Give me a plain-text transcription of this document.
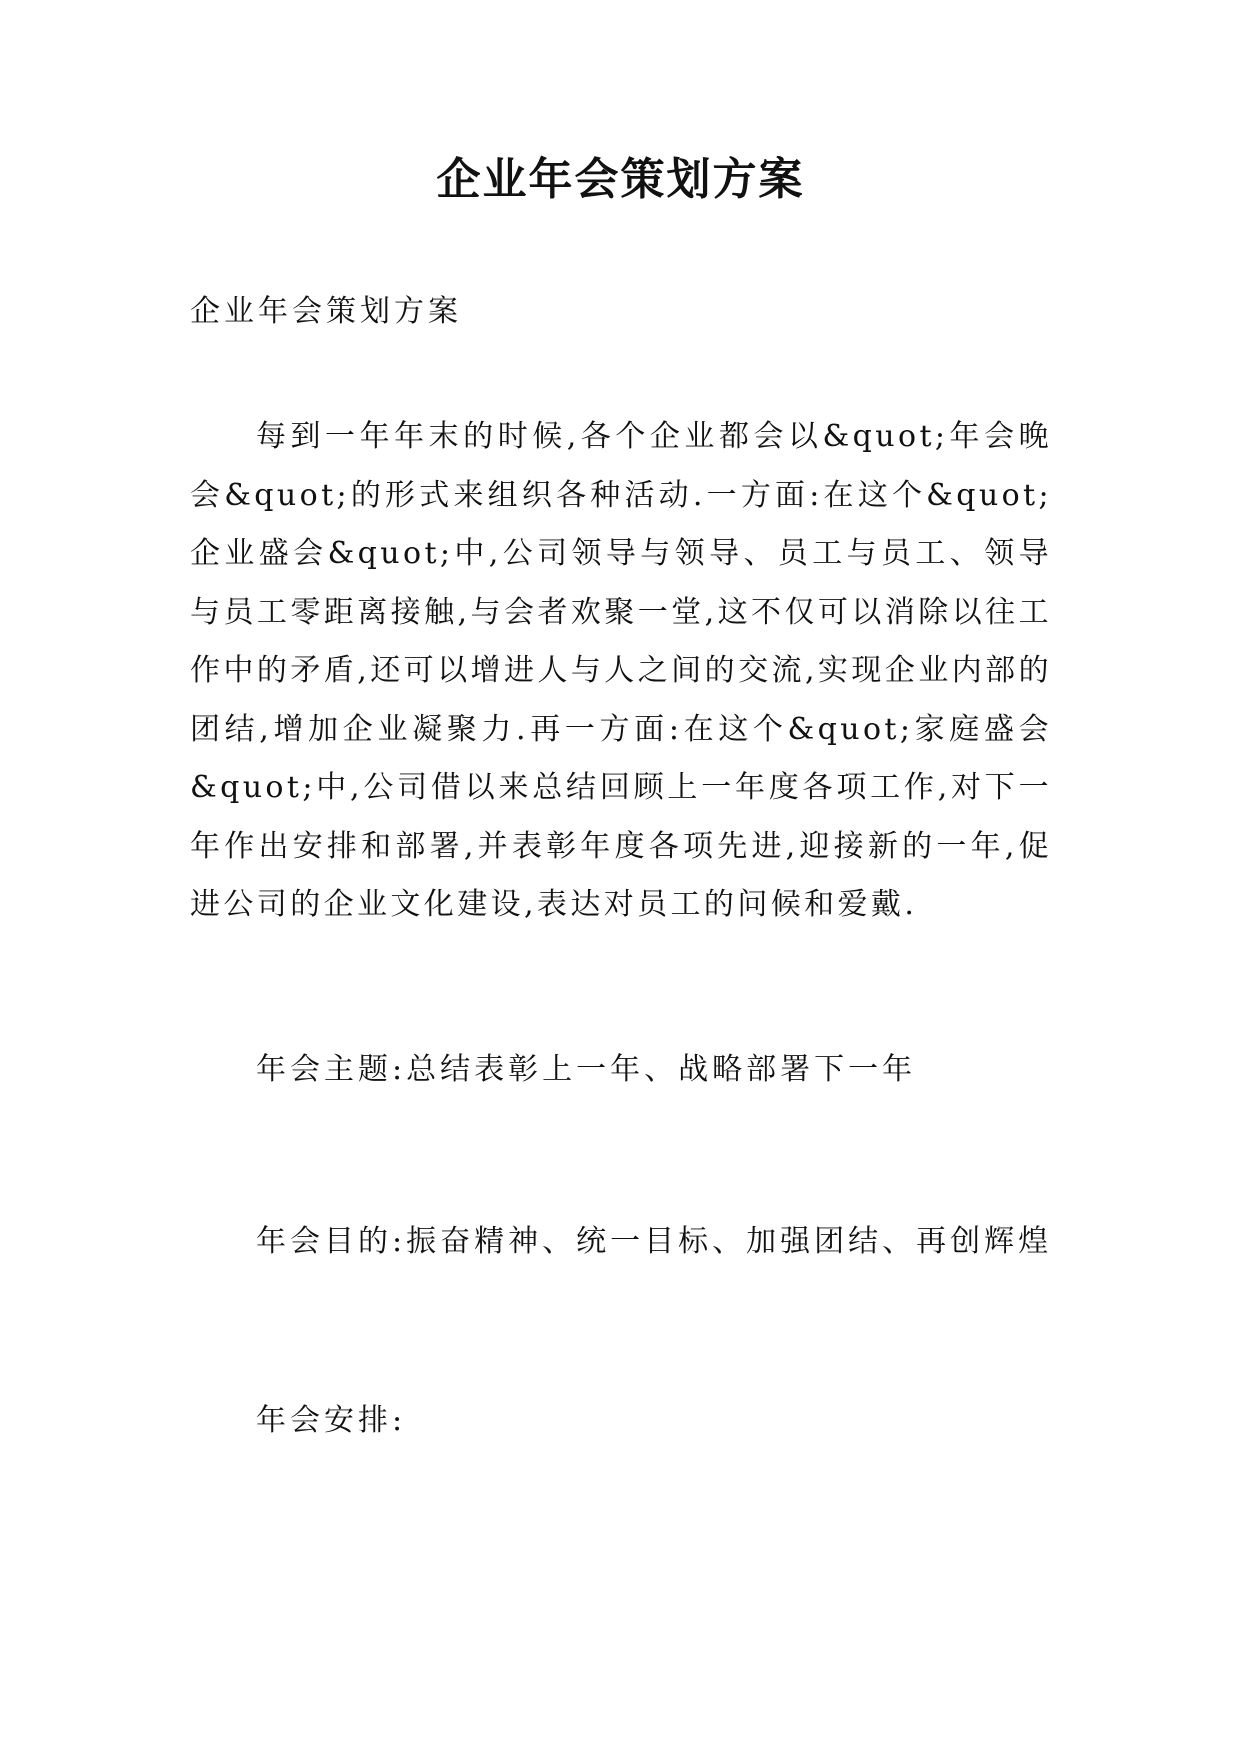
企业年会策划方案

企业年会策划方案

每到一年年末的时候,各个企业都会以&quot;年会晚会&quot;的形式来组织各种活动.一方面:在这个&quot;企业盛会&quot;中,公司领导与领导、员工与员工、领导与员工零距离接触,与会者欢聚一堂,这不仅可以消除以往工作中的矛盾,还可以增进人与人之间的交流,实现企业内部的团结,增加企业凝聚力.再一方面:在这个&quot;家庭盛会&quot;中,公司借以来总结回顾上一年度各项工作,对下一年作出安排和部署,并表彰年度各项先进,迎接新的一年,促进公司的企业文化建设,表达对员工的问候和爱戴.

年会主题:总结表彰上一年、战略部署下一年

年会目的:振奋精神、统一目标、加强团结、再创辉煌

年会安排:
